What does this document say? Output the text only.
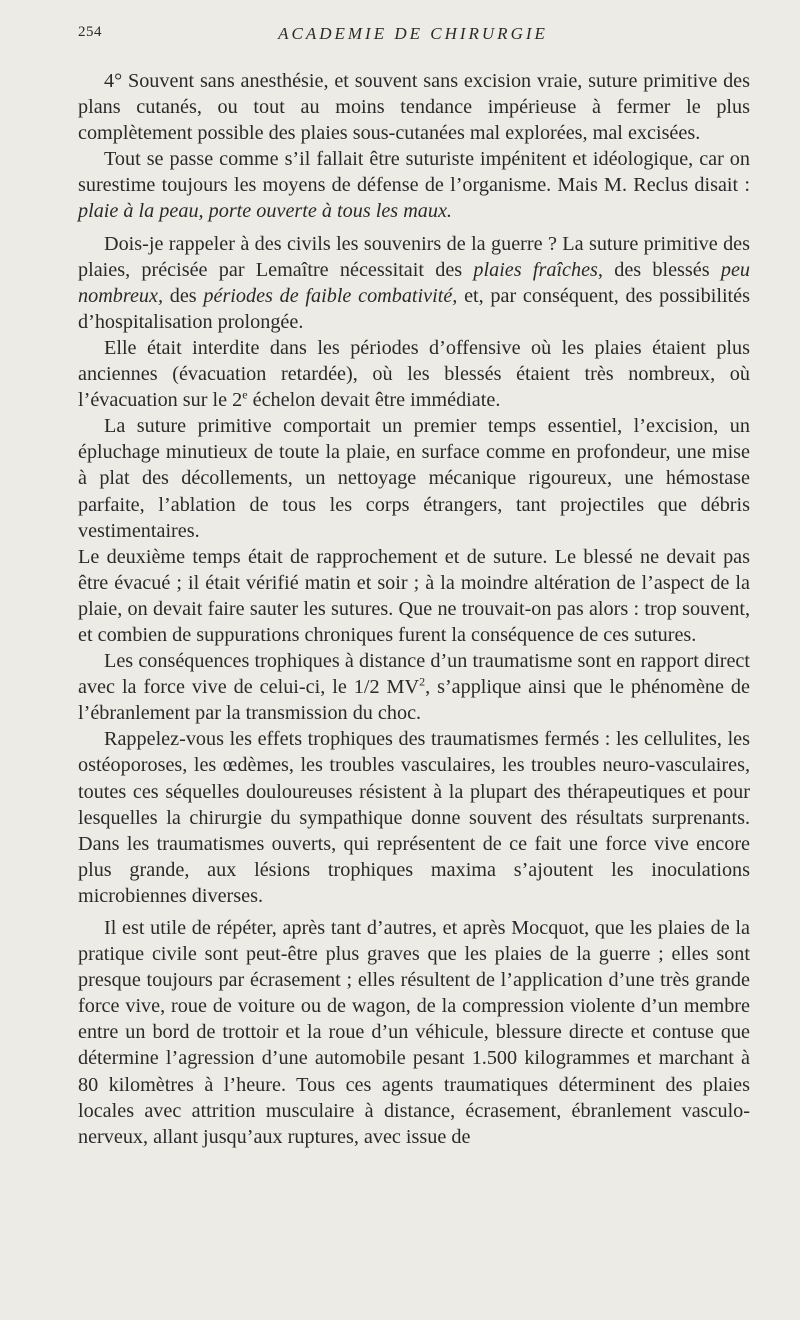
254	ACADEMIE DE CHIRURGIE

4° Souvent sans anesthésie, et souvent sans excision vraie, suture primitive des plans cutanés, ou tout au moins tendance impérieuse à fermer le plus complètement possible des plaies sous-cutanées mal explorées, mal excisées.

Tout se passe comme s’il fallait être suturiste impénitent et idéologique, car on surestime toujours les moyens de défense de l’organisme. Mais M. Reclus disait : plaie à la peau, porte ouverte à tous les maux.

Dois-je rappeler à des civils les souvenirs de la guerre ? La suture primitive des plaies, précisée par Lemaître nécessitait des plaies fraîches, des blessés peu nombreux, des périodes de faible combativité, et, par conséquent, des possibilités d’hospitalisation prolongée.

Elle était interdite dans les périodes d’offensive où les plaies étaient plus anciennes (évacuation retardée), où les blessés étaient très nombreux, où l’évacuation sur le 2e échelon devait être immédiate.

La suture primitive comportait un premier temps essentiel, l’excision, un épluchage minutieux de toute la plaie, en surface comme en profondeur, une mise à plat des décollements, un nettoyage mécanique rigoureux, une hémostase parfaite, l’ablation de tous les corps étrangers, tant projectiles que débris vestimentaires.

Le deuxième temps était de rapprochement et de suture. Le blessé ne devait pas être évacué ; il était vérifié matin et soir ; à la moindre altération de l’aspect de la plaie, on devait faire sauter les sutures. Que ne trouvait-on pas alors : trop souvent, et combien de suppurations chroniques furent la conséquence de ces sutures.

Les conséquences trophiques à distance d’un traumatisme sont en rapport direct avec la force vive de celui-ci, le 1/2 $MV^2$, s’applique ainsi que le phénomène de l’ébranlement par la transmission du choc.

Rappelez-vous les effets trophiques des traumatismes fermés : les cellulites, les ostéoporoses, les œdèmes, les troubles vasculaires, les troubles neuro-vasculaires, toutes ces séquelles douloureuses résistent à la plupart des thérapeutiques et pour lesquelles la chirurgie du sympathique donne souvent des résultats surprenants. Dans les traumatismes ouverts, qui représentent de ce fait une force vive encore plus grande, aux lésions trophiques maxima s’ajoutent les inoculations microbiennes diverses.

Il est utile de répéter, après tant d’autres, et après Mocquot, que les plaies de la pratique civile sont peut-être plus graves que les plaies de la guerre ; elles sont presque toujours par écrasement ; elles résultent de l’application d’une très grande force vive, roue de voiture ou de wagon, de la compression violente d’un membre entre un bord de trottoir et la roue d’un véhicule, blessure directe et contuse que détermine l’agression d’une automobile pesant 1.500 kilogrammes et marchant à 80 kilomètres à l’heure. Tous ces agents traumatiques déterminent des plaies locales avec attrition musculaire à distance, écrasement, ébranlement vasculo-nerveux, allant jusqu’aux ruptures, avec issue de
